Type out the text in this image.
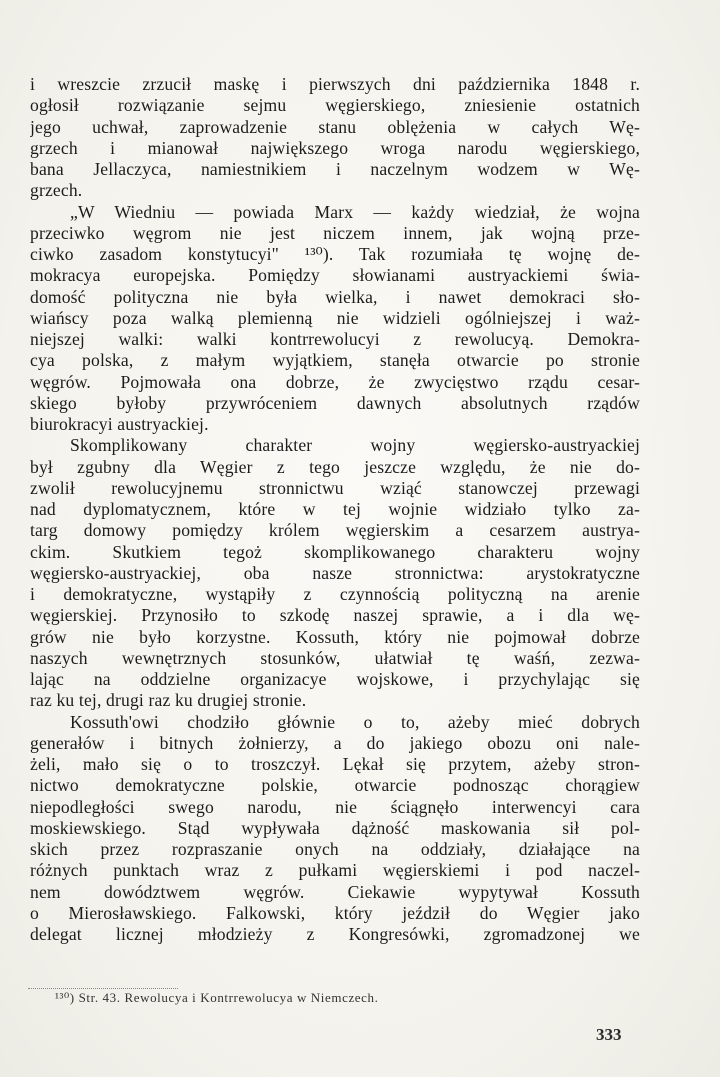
i wreszcie zrzucił maskę i pierwszych dni października 1848 r.
ogłosił rozwiązanie sejmu węgierskiego, zniesienie ostatnich
jego uchwał, zaprowadzenie stanu oblężenia w całych Wę-
grzech i mianował największego wroga narodu węgierskiego,
bana Jellaczyca, namiestnikiem i naczelnym wodzem w Wę-
grzech.
„W Wiedniu — powiada Marx — każdy wiedział, że wojna
przeciwko węgrom nie jest niczem innem, jak wojną prze-
ciwko zasadom konstytucyi" ¹³⁰). Tak rozumiała tę wojnę de-
mokracya europejska. Pomiędzy słowianami austryackiemi świa-
domość polityczna nie była wielka, i nawet demokraci sło-
wiańscy poza walką plemienną nie widzieli ogólniejszej i waż-
niejszej walki: walki kontrrewolucyi z rewolucyą. Demokra-
cya polska, z małym wyjątkiem, stanęła otwarcie po stronie
węgrów. Pojmowała ona dobrze, że zwycięstwo rządu cesar-
skiego byłoby przywróceniem dawnych absolutnych rządów
biurokracyi austryackiej.
Skomplikowany charakter wojny węgiersko-austryackiej
był zgubny dla Węgier z tego jeszcze względu, że nie do-
zwolił rewolucyjnemu stronnictwu wziąć stanowczej przewagi
nad dyplomatycznem, które w tej wojnie widziało tylko za-
targ domowy pomiędzy królem węgierskim a cesarzem austrya-
ckim. Skutkiem tegoż skomplikowanego charakteru wojny
węgiersko-austryackiej, oba nasze stronnictwa: arystokratyczne
i demokratyczne, wystąpiły z czynnością polityczną na arenie
węgierskiej. Przynosiło to szkodę naszej sprawie, a i dla wę-
grów nie było korzystne. Kossuth, który nie pojmował dobrze
naszych wewnętrznych stosunków, ułatwiał tę waśń, zezwa-
lając na oddzielne organizacye wojskowe, i przychylając się
raz ku tej, drugi raz ku drugiej stronie.
Kossuth'owi chodziło głównie o to, ażeby mieć dobrych
generałów i bitnych żołnierzy, a do jakiego obozu oni nale-
żeli, mało się o to troszczył. Lękał się przytem, ażeby stron-
nictwo demokratyczne polskie, otwarcie podnosząc chorągiew
niepodległości swego narodu, nie ściągnęło interwencyi cara
moskiewskiego. Stąd wypływała dążność maskowania sił pol-
skich przez rozpraszanie onych na oddziały, działające na
różnych punktach wraz z pułkami węgierskiemi i pod naczel-
nem dowództwem węgrów. Ciekawie wypytywał Kossuth
o Mierosławskiego. Falkowski, który jeździł do Węgier jako
delegat licznej młodzieży z Kongresówki, zgromadzonej we
¹³⁰) Str. 43. Rewolucya i Kontrrewolucya w Niemczech.
333
